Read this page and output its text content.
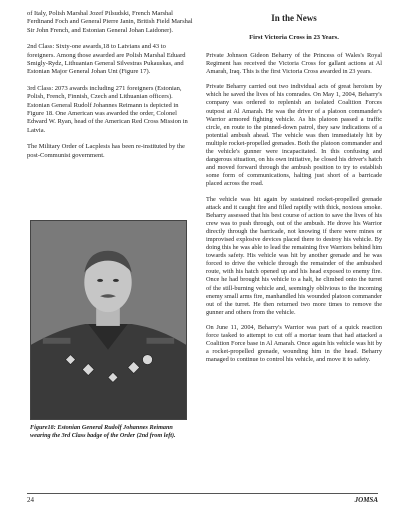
of Italy, Polish Marshal Jozef Pilsudski, French Marshal Ferdinand Foch and General Pierre Janin, British Field Marshal Sir John French, and Estonian General Johan Laidoner).

2nd Class: Sixty-one awards,18 to Latvians and 43 to foreigners. Among those awarded are Polish Marshal Eduard Smigly-Rydz, Lithuanian General Silvestras Pukauskas, and Estonian Major General Johan Unt (Figure 17).

3rd Class: 2073 awards including 271 foreigners (Estonian, Polish, French, Finnish, Czech and Lithuanian officers). Estonian General Rudolf Johannes Reimann is depicted in Figure 18. One American was awarded the order, Colonel Edward W. Ryan, head of the American Red Cross Mission in Latvia.

The Military Order of Lacplesis has been re-instituted by the post-Communist government.

Figure18: Estonian General Rudolf Johannes Reimann wearing the 3rd Class badge of the Order (2nd from left).
In the News
First Victoria Cross in 23 Years.

Private Johnson Gideon Beharry of the Princess of Wales's Royal Regiment has received the Victoria Cross for gallant actions at Al Amarah, Iraq. This is the first Victoria Cross awarded in 23 years.

Private Beharry carried out two individual acts of great heroism by which he saved the lives of his comrades. On May 1, 2004, Beharry's company was ordered to replenish an isolated Coalition Forces outpost at Al Amarah. He was the driver of a platoon commander's Warrior armored fighting vehicle. As his platoon passed a traffic circle, en route to the pinned-down patrol, they saw indications of a potential ambush ahead. The vehicle was then immediately hit by multiple rocket-propelled grenades. Both the platoon commander and the vehicle's gunner were incapacitated. In this confusing and dangerous situation, on his own initiative, he closed his driver's hatch and moved forward through the ambush position to try to establish some form of communications, halting just short of a barricade placed across the road.

The vehicle was hit again by sustained rocket-propelled grenade attack and it caught fire and filled rapidly with thick, noxious smoke. Beharry assessed that his best course of action to save the lives of his crew was to push through, out of the ambush. He drove his Warrior directly through the barricade, not knowing if there were mines or improvised explosive devices placed there to destroy his vehicle. By doing this he was able to lead the remaining five Warriors behind him towards safety. His vehicle was hit by another grenade and he was forced to drive the vehicle through the remainder of the ambushed route, with his hatch opened up and his head exposed to enemy fire. Once he had brought his vehicle to a halt, he climbed onto the turret of the still-burning vehicle and, seemingly oblivious to the incoming enemy small arms fire, manhandled his wounded platoon commander out of the turret. He then returned two more times to remove the gunner and others from the vehicle.

On June 11, 2004, Beharry's Warrior was part of a quick reaction force tasked to attempt to cut off a mortar team that had attacked a Coalition Force base in Al Amarah. Once again his vehicle was hit by a rocket-propelled grenade, wounding him in the head. Beharry managed to continue to control his vehicle, and move it to safety.

24	JOMSA
